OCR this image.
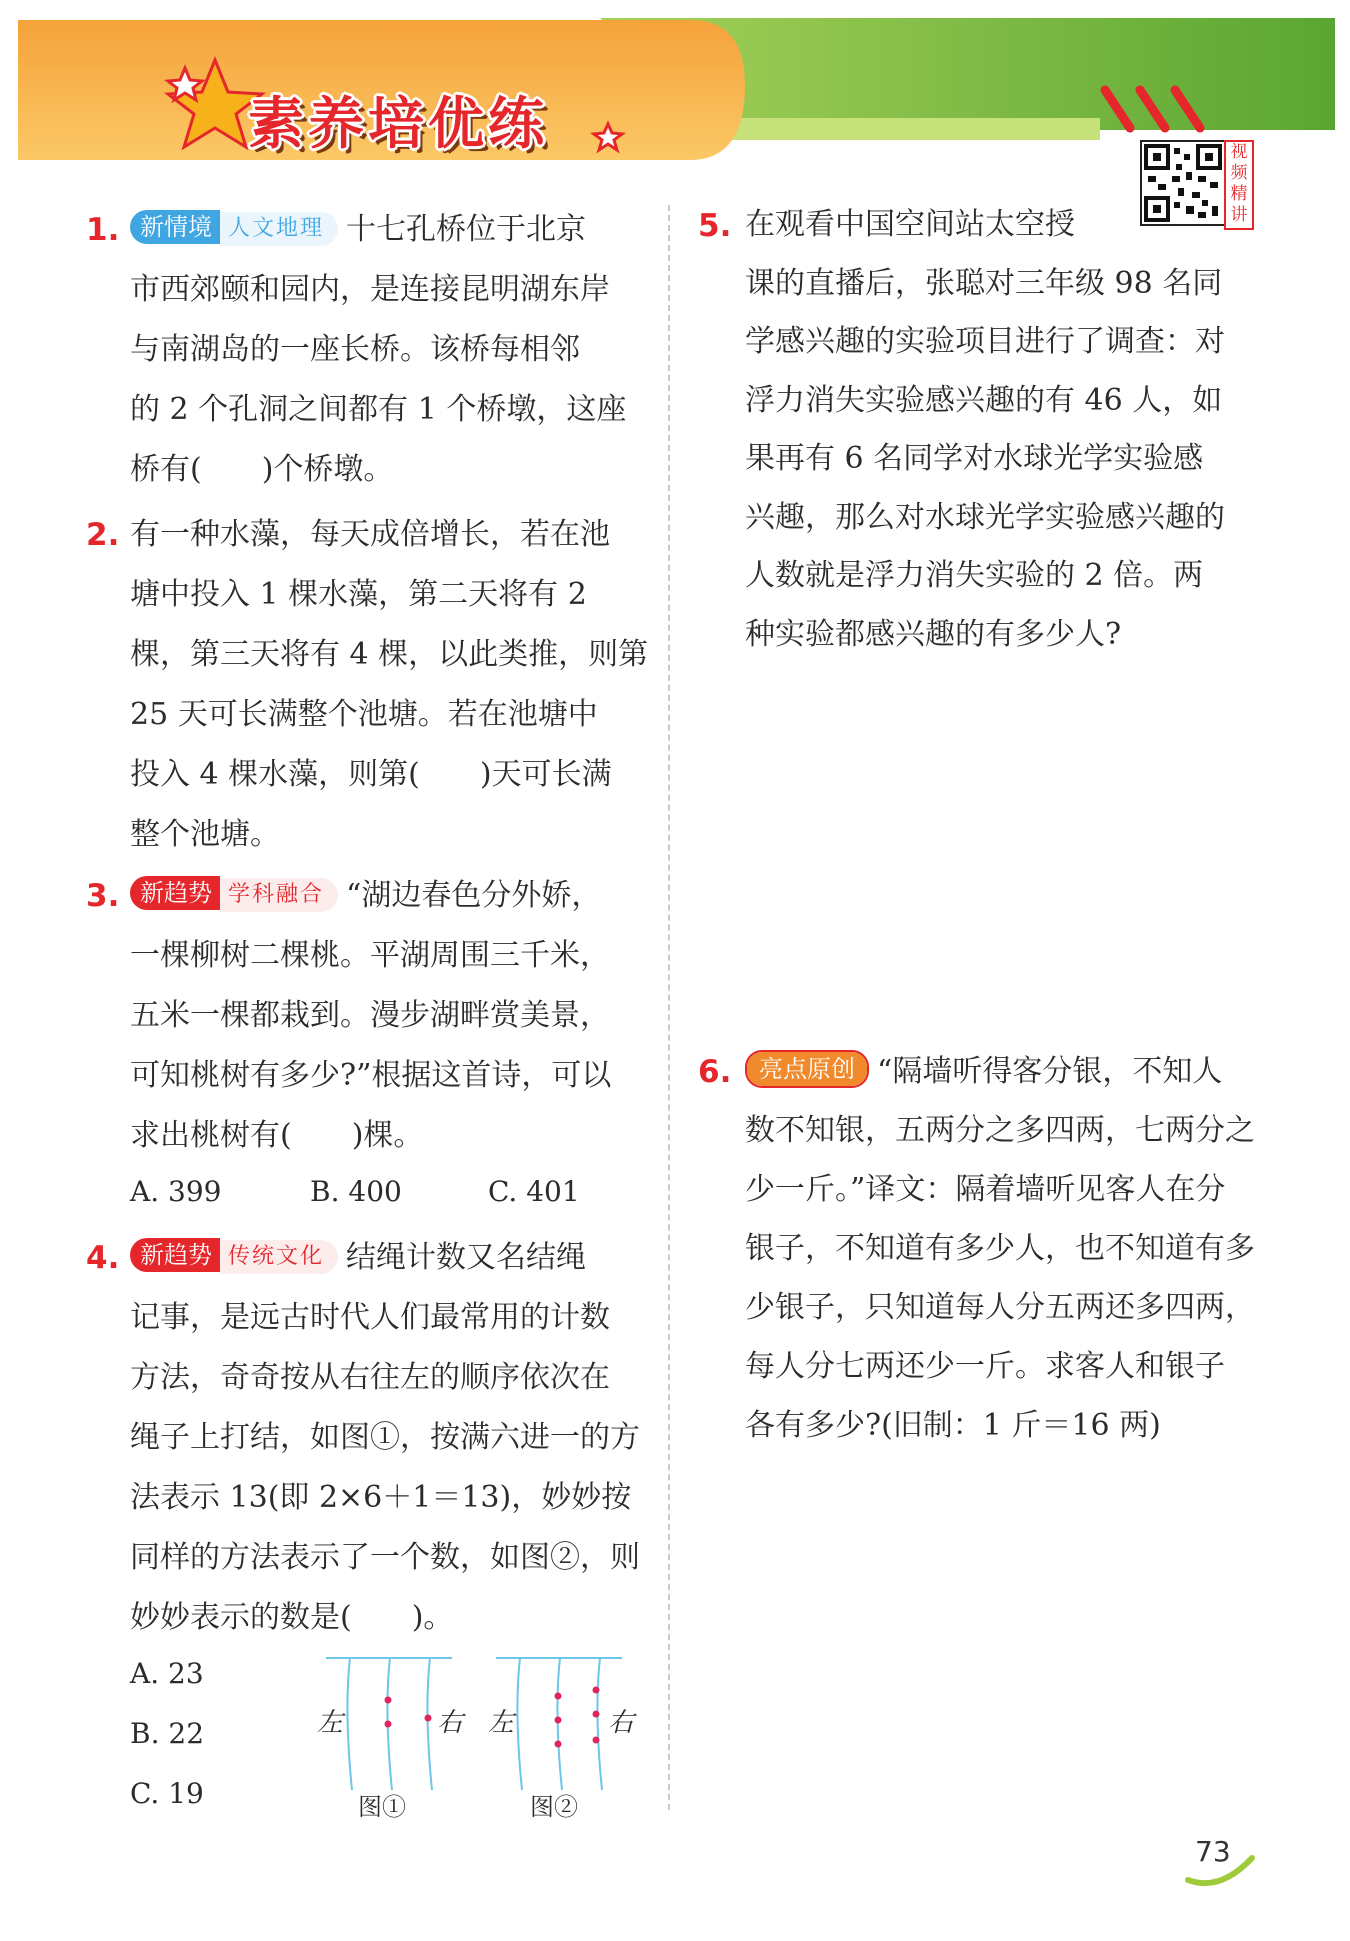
素养培优练	视频精讲
1. 新情境 人文地理 十七孔桥位于北京

市西郊颐和园内，是连接昆明湖东岸

与南湖岛的一座长桥。该桥每相邻

的 2 个孔洞之间都有 1 个桥墩，这座

桥有(　　)个桥墩。

2. 有一种水藻，每天成倍增长，若在池

塘中投入 1 棵水藻，第二天将有 2

棵，第三天将有 4 棵，以此类推，则第

25 天可长满整个池塘。若在池塘中

投入 4 棵水藻，则第(　　)天可长满

整个池塘。

3. 新趋势 学科融合 “湖边春色分外娇，

一棵柳树二棵桃。平湖周围三千米，

五米一棵都栽到。漫步湖畔赏美景，

可知桃树有多少?”根据这首诗，可以

求出桃树有(　　)棵。

A. 399	B. 400	C. 401
4. 新趋势 传统文化 结绳计数又名结绳

记事，是远古时代人们最常用的计数

方法，奇奇按从右往左的顺序依次在

绳子上打结，如图①，按满六进一的方

法表示 13(即 2×6＋1＝13)，妙妙按

同样的方法表示了一个数，如图②，则

妙妙表示的数是(　　)。

A. 23
B. 22
C. 19
左	右 左	右
图①	图②
5. 在观看中国空间站太空授

课的直播后，张聪对三年级 98 名同

学感兴趣的实验项目进行了调查：对

浮力消失实验感兴趣的有 46 人，如

果再有 6 名同学对水球光学实验感

兴趣，那么对水球光学实验感兴趣的

人数就是浮力消失实验的 2 倍。两

种实验都感兴趣的有多少人?

6.	亮点原创 “隔墙听得客分银，不知人

数不知银，五两分之多四两，七两分之

少一斤。”译文：隔着墙听见客人在分

银子，不知道有多少人，也不知道有多

少银子，只知道每人分五两还多四两，

每人分七两还少一斤。求客人和银子

各有多少?(旧制：1 斤＝16 两)

73
